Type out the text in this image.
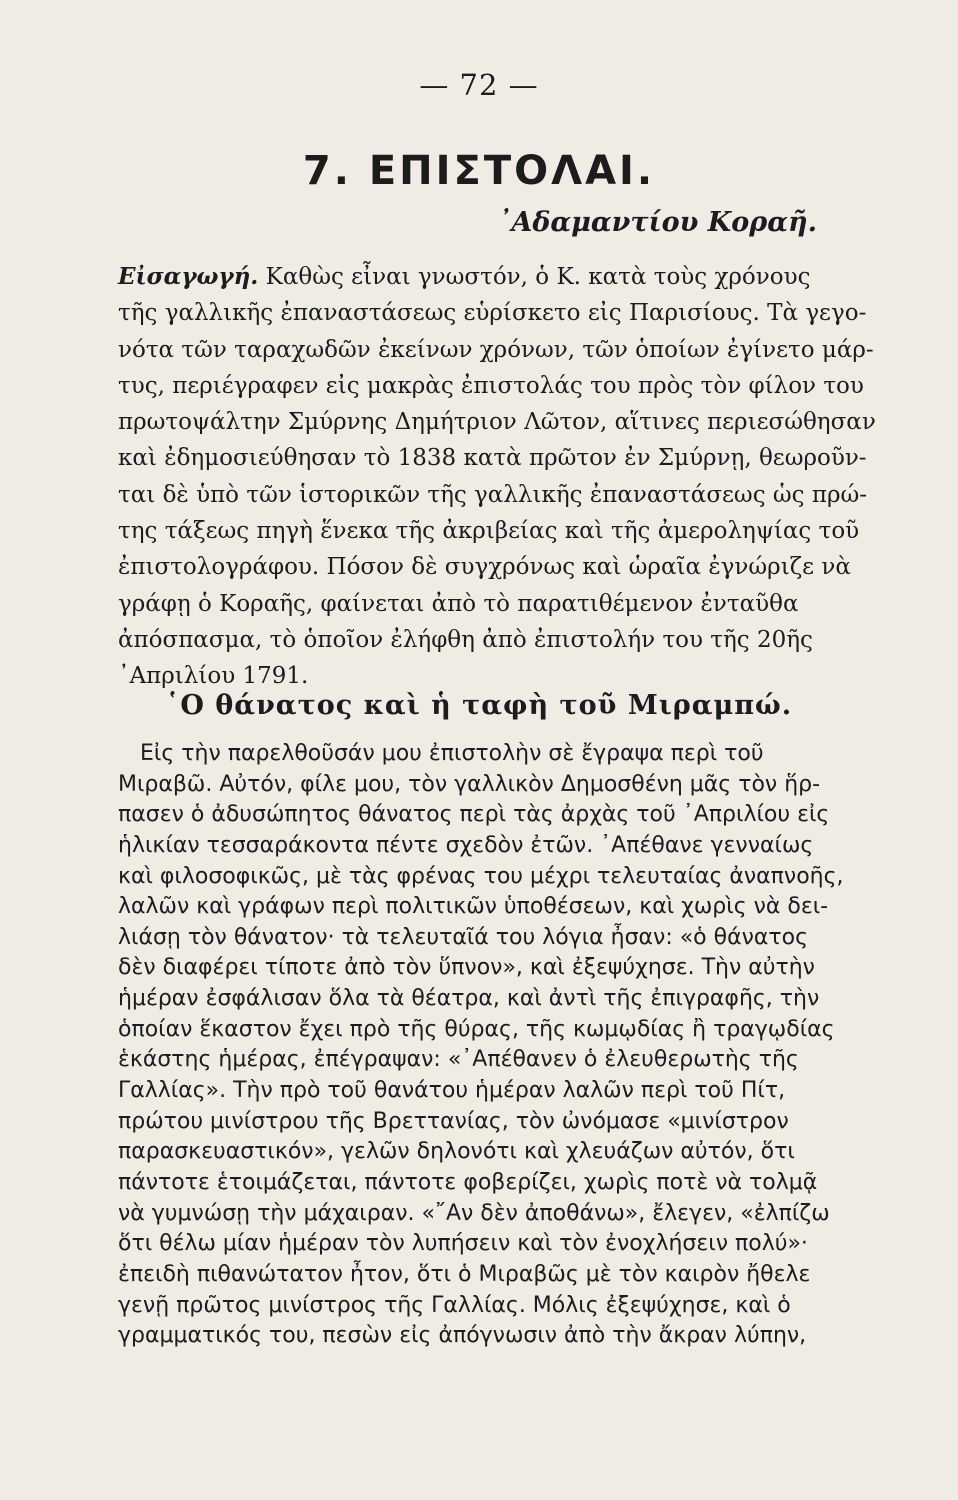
— 72 —
7. ΕΠΙΣΤΟΛΑΙ.
᾿Αδαμαντίου Κοραῆ.
Εἰσαγωγή. Καθὼς εἶναι γνωστόν, ὁ Κ. κατὰ τοὺς χρόνους
τῆς γαλλικῆς ἐπαναστάσεως εὑρίσκετο εἰς Παρισίους. Τὰ γεγο-
νότα τῶν ταραχωδῶν ἐκείνων χρόνων, τῶν ὁποίων ἐγίνετο μάρ-
τυς, περιέγραφεν εἰς μακρὰς ἐπιστολάς του πρὸς τὸν φίλον του
πρωτοψάλτην Σμύρνης Δημήτριον Λῶτον, αἵτινες περιεσώθησαν
καὶ ἐδημοσιεύθησαν τὸ 1838 κατὰ πρῶτον ἐν Σμύρνῃ, θεωροῦν-
ται δὲ ὑπὸ τῶν ἱστορικῶν τῆς γαλλικῆς ἐπαναστάσεως ὡς πρώ-
της τάξεως πηγὴ ἕνεκα τῆς ἀκριβείας καὶ τῆς ἀμεροληψίας τοῦ
ἐπιστολογράφου. Πόσον δὲ συγχρόνως καὶ ὡραῖα ἐγνώριζε νὰ
γράφῃ ὁ Κοραῆς, φαίνεται ἀπὸ τὸ παρατιθέμενον ἐνταῦθα
ἀπόσπασμα, τὸ ὁποῖον ἐλήφθη ἀπὸ ἐπιστολήν του τῆς 20ῆς
᾿Απριλίου 1791.
῾Ο θάνατος καὶ ἡ ταφὴ τοῦ Μιραμπώ.
Εἰς τὴν παρελθοῦσάν μου ἐπιστολὴν σὲ ἔγραψα περὶ τοῦ
Μιραβῶ. Αὐτόν, φίλε μου, τὸν γαλλικὸν Δημοσθένη μᾶς τὸν ἥρ-
πασεν ὁ ἀδυσώπητος θάνατος περὶ τὰς ἀρχὰς τοῦ ᾿Απριλίου εἰς
ἡλικίαν τεσσαράκοντα πέντε σχεδὸν ἐτῶν. ᾿Απέθανε γενναίως
καὶ φιλοσοφικῶς, μὲ τὰς φρένας του μέχρι τελευταίας ἀναπνοῆς,
λαλῶν καὶ γράφων περὶ πολιτικῶν ὑποθέσεων, καὶ χωρὶς νὰ δει-
λιάσῃ τὸν θάνατον· τὰ τελευταῖά του λόγια ἦσαν: «ὁ θάνατος
δὲν διαφέρει τίποτε ἀπὸ τὸν ὕπνον», καὶ ἐξεψύχησε. Τὴν αὐτὴν
ἡμέραν ἐσφάλισαν ὅλα τὰ θέατρα, καὶ ἀντὶ τῆς ἐπιγραφῆς, τὴν
ὁποίαν ἕκαστον ἔχει πρὸ τῆς θύρας, τῆς κωμῳδίας ἢ τραγῳδίας
ἑκάστης ἡμέρας, ἐπέγραψαν: «᾿Απέθανεν ὁ ἐλευθερωτὴς τῆς
Γαλλίας». Τὴν πρὸ τοῦ θανάτου ἡμέραν λαλῶν περὶ τοῦ Πίτ,
πρώτου μινίστρου τῆς Βρεττανίας, τὸν ὠνόμασε «μινίστρον
παρασκευαστικόν», γελῶν δηλονότι καὶ χλευάζων αὐτόν, ὅτι
πάντοτε ἑτοιμάζεται, πάντοτε φοβερίζει, χωρὶς ποτὲ νὰ τολμᾷ
νὰ γυμνώσῃ τὴν μάχαιραν. «῎Αν δὲν ἀποθάνω», ἔλεγεν, «ἐλπίζω
ὅτι θέλω μίαν ἡμέραν τὸν λυπήσειν καὶ τὸν ἐνοχλήσειν πολύ»·
ἐπειδὴ πιθανώτατον ἦτον, ὅτι ὁ Μιραβῶς μὲ τὸν καιρὸν ἤθελε
γενῇ πρῶτος μινίστρος τῆς Γαλλίας. Μόλις ἐξεψύχησε, καὶ ὁ
γραμματικός του, πεσὼν εἰς ἀπόγνωσιν ἀπὸ τὴν ἄκραν λύπην,
